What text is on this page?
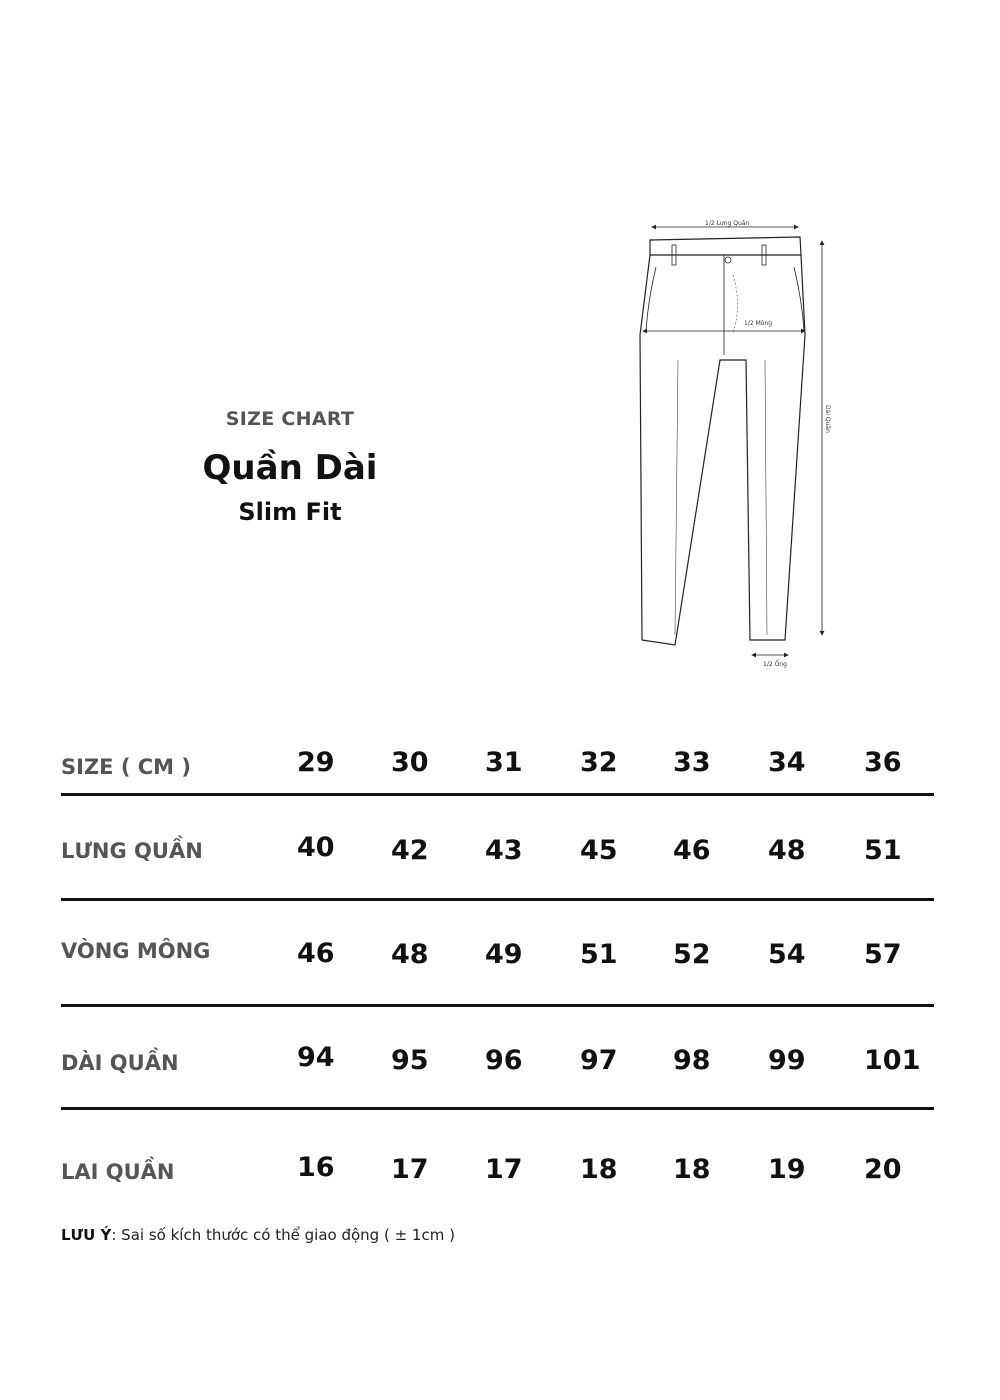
SIZE CHART
Quần Dài
Slim Fit
1/2 Lưng Quần
1/2 Mông
Dài Quần
1/2 Ống
SIZE ( CM )	29 30 31 32 33 34 36
LƯNG QUẦN	40 42 43 45 46 48 51
VÒNG MÔNG	46 48 49 51 52 54 57
DÀI QUẦN	94 95 96 97 98 99 101
LAI QUẦN	16 17 17 18 18 19 20
LƯU Ý: Sai số kích thước có thể giao động ( ± 1cm )
